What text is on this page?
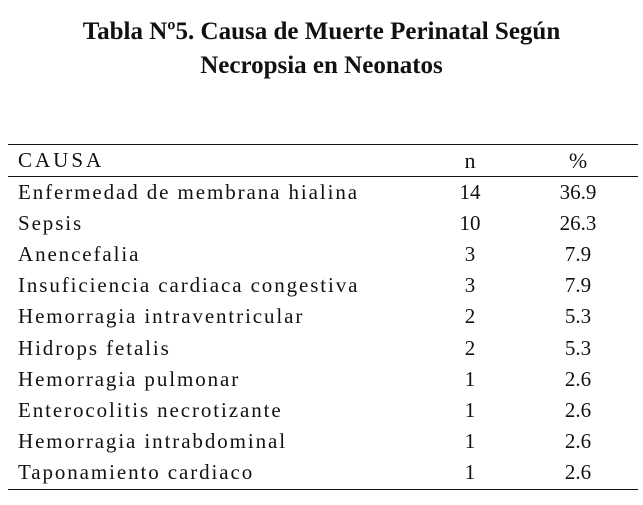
Tabla Nº5. Causa de Muerte Perinatal Según
Necropsia en Neonatos
CAUSA	n	%
Enfermedad de membrana hialina	14	36.9
Sepsis	10	26.3
Anencefalia	3	7.9
Insuficiencia cardiaca congestiva	3	7.9
Hemorragia intraventricular	2	5.3
Hidrops fetalis	2	5.3
Hemorragia pulmonar	1	2.6
Enterocolitis necrotizante	1	2.6
Hemorragia intrabdominal	1	2.6
Taponamiento cardiaco	1	2.6
